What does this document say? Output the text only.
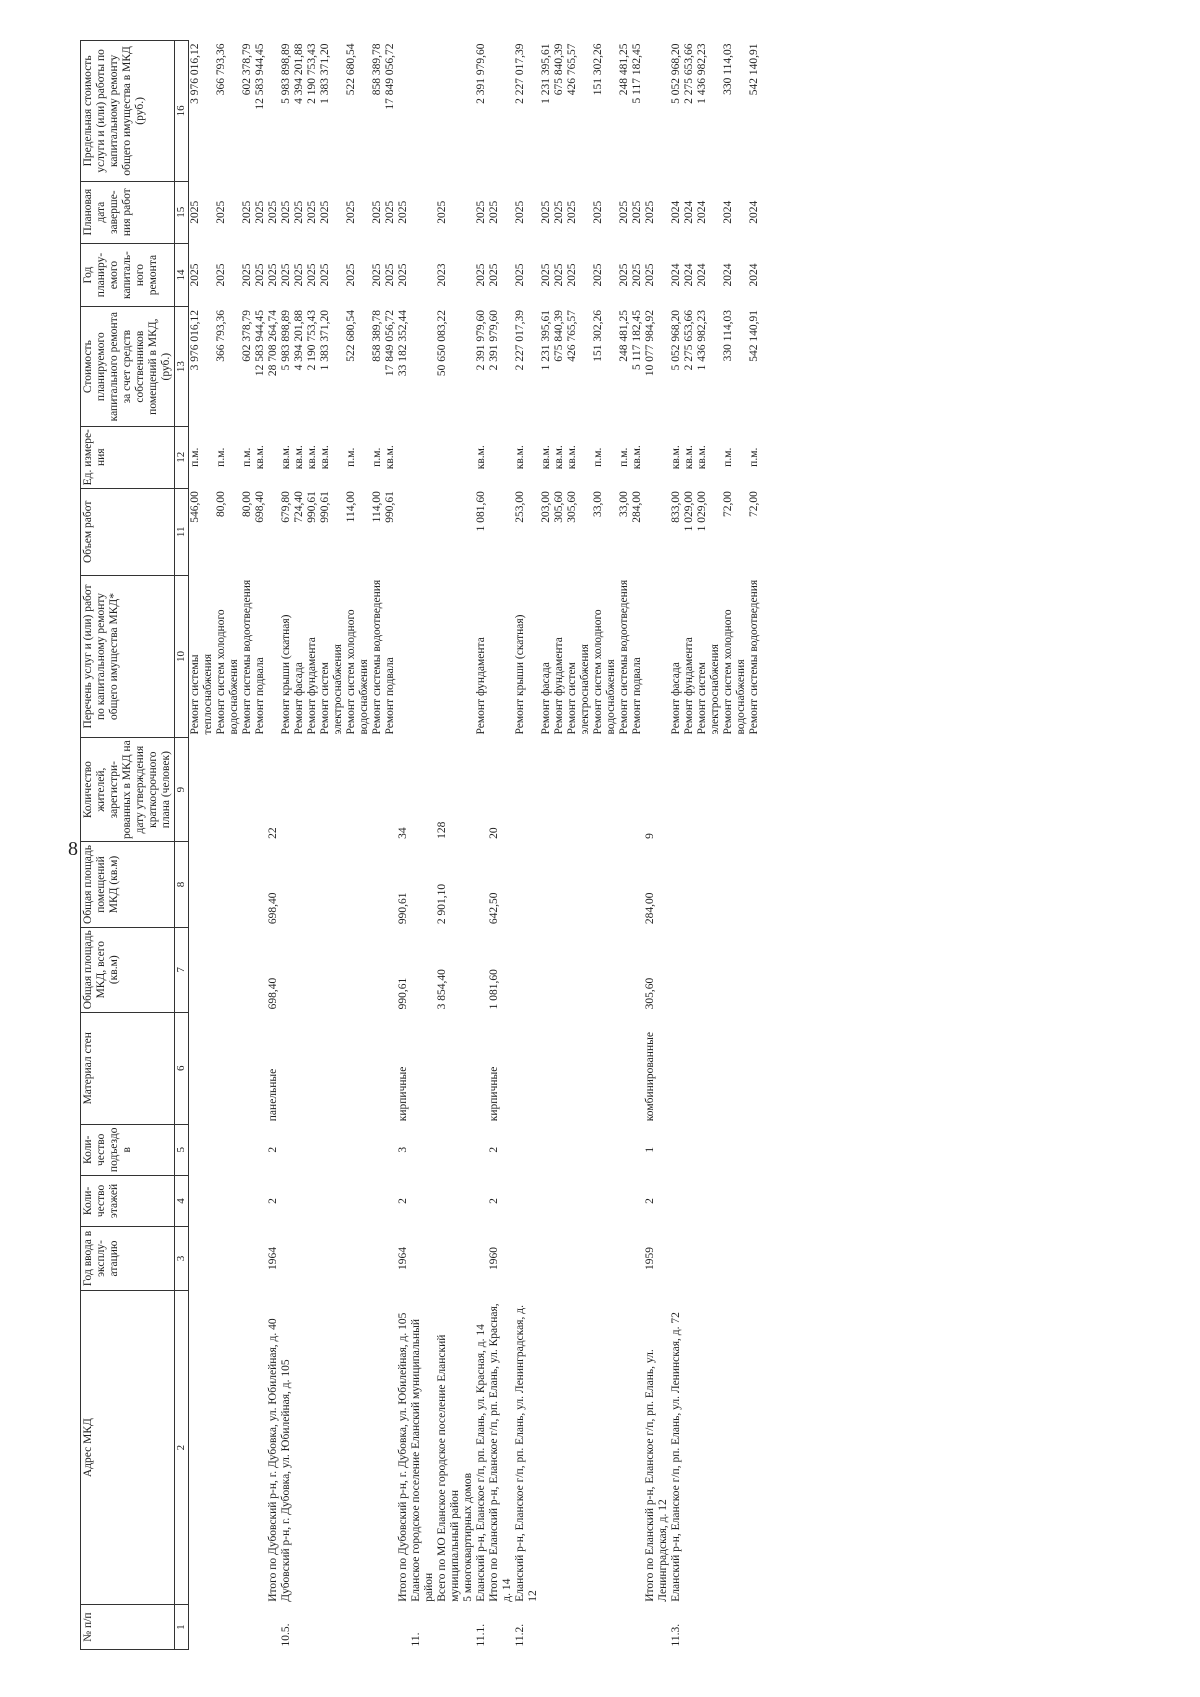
8
№ п/п	Адрес МКД	Год ввода в эксплу-атацию	Коли-чество этажей	Коли-чество подъездо в	Материал стен	Общая площадь МКД, всего (кв.м)	Общая площадь помещений МКД (кв.м)	Количество жителей, зарегистри-рованных в МКД на дату утверждения краткосрочного плана (человек)	Перечень услуг и (или) работ по капитальному ремонту общего имущества МКД*	Объем работ	Ед. измере-ния	Стоимость планируемого капитального ремонта за счет средств собственников помещений в МКД, (руб.)	Год планиру-емого капиталь-ного ремонта	Плановая дата заверше-ния работ	Предельная стоимость услуги и (или) работы по капитальному ремонту общего имущества в МКД (руб.)
1	2	3	4	5	6	7	8	9	10	11	12	13	14	15	16
									Ремонт системы теплоснабжения	546,00	п.м.	3 976 016,12	2025	2025	3 976 016,12
									Ремонт систем холодного водоснабжения	80,00	п.м.	366 793,36	2025	2025	366 793,36
									Ремонт системы водоотведения	80,00	п.м.	602 378,79	2025	2025	602 378,79
									Ремонт подвала	698,40	кв.м.	12 583 944,45	2025	2025	12 583 944,45
	Итого по Дубовский р-н, г. Дубовка, ул. Юбилейная, д. 40	1964	2	2	панельные	698,40	698,40	22				28 708 264,74	2025	2025	
10.5.	Дубовский р-н, г. Дубовка, ул. Юбилейная, д. 105								Ремонт крыши (скатная)	679,80	кв.м.	5 983 898,89	2025	2025	5 983 898,89
									Ремонт фасада	724,40	кв.м.	4 394 201,88	2025	2025	4 394 201,88
									Ремонт фундамента	990,61	кв.м.	2 190 753,43	2025	2025	2 190 753,43
									Ремонт систем электроснабжения	990,61	кв.м.	1 383 371,20	2025	2025	1 383 371,20
									Ремонт систем холодного водоснабжения	114,00	п.м.	522 680,54	2025	2025	522 680,54
									Ремонт системы водоотведения	114,00	п.м.	858 389,78	2025	2025	858 389,78
									Ремонт подвала	990,61	кв.м.	17 849 056,72	2025	2025	17 849 056,72
	Итого по Дубовский р-н, г. Дубовка, ул. Юбилейная, д. 105	1964	2	3	кирпичные	990,61	990,61	34				33 182 352,44	2025	2025	
11.	Еланское городское поселение Еланский муниципальный район														
	Всего по МО Еланское городское поселение Еланский муниципальный район					3 854,40	2 901,10	128				50 650 083,22	2023	2025	
	5 многоквартирных домов														
11.1.	Еланский р-н, Еланское г/п, рп. Елань, ул. Красная, д. 14								Ремонт фундамента	1 081,60	кв.м.	2 391 979,60	2025	2025	2 391 979,60
	Итого по Еланский р-н, Еланское г/п, рп. Елань, ул. Красная, д. 14	1960	2	2	кирпичные	1 081,60	642,50	20				2 391 979,60	2025	2025	
11.2.	Еланский р-н, Еланское г/п, рп. Елань, ул. Ленинградская, д. 12								Ремонт крыши (скатная)	253,00	кв.м.	2 227 017,39	2025	2025	2 227 017,39
									Ремонт фасада	203,00	кв.м.	1 231 395,61	2025	2025	1 231 395,61
									Ремонт фундамента	305,60	кв.м.	675 840,39	2025	2025	675 840,39
									Ремонт систем электроснабжения	305,60	кв.м.	426 765,57	2025	2025	426 765,57
									Ремонт систем холодного водоснабжения	33,00	п.м.	151 302,26	2025	2025	151 302,26
									Ремонт системы водоотведения	33,00	п.м.	248 481,25	2025	2025	248 481,25
									Ремонт подвала	284,00	кв.м.	5 117 182,45	2025	2025	5 117 182,45
	Итого по Еланский р-н, Еланское г/п, рп. Елань, ул. Ленинградская, д. 12	1959	2	1	комбинированные	305,60	284,00	9				10 077 984,92	2025	2025	
11.3.	Еланский р-н, Еланское г/п, рп. Елань, ул. Ленинская, д. 72								Ремонт фасада	833,00	кв.м.	5 052 968,20	2024	2024	5 052 968,20
									Ремонт фундамента	1 029,00	кв.м.	2 275 653,66	2024	2024	2 275 653,66
									Ремонт систем электроснабжения	1 029,00	кв.м.	1 436 982,23	2024	2024	1 436 982,23
									Ремонт систем холодного водоснабжения	72,00	п.м.	330 114,03	2024	2024	330 114,03
									Ремонт системы водоотведения	72,00	п.м.	542 140,91	2024	2024	542 140,91
